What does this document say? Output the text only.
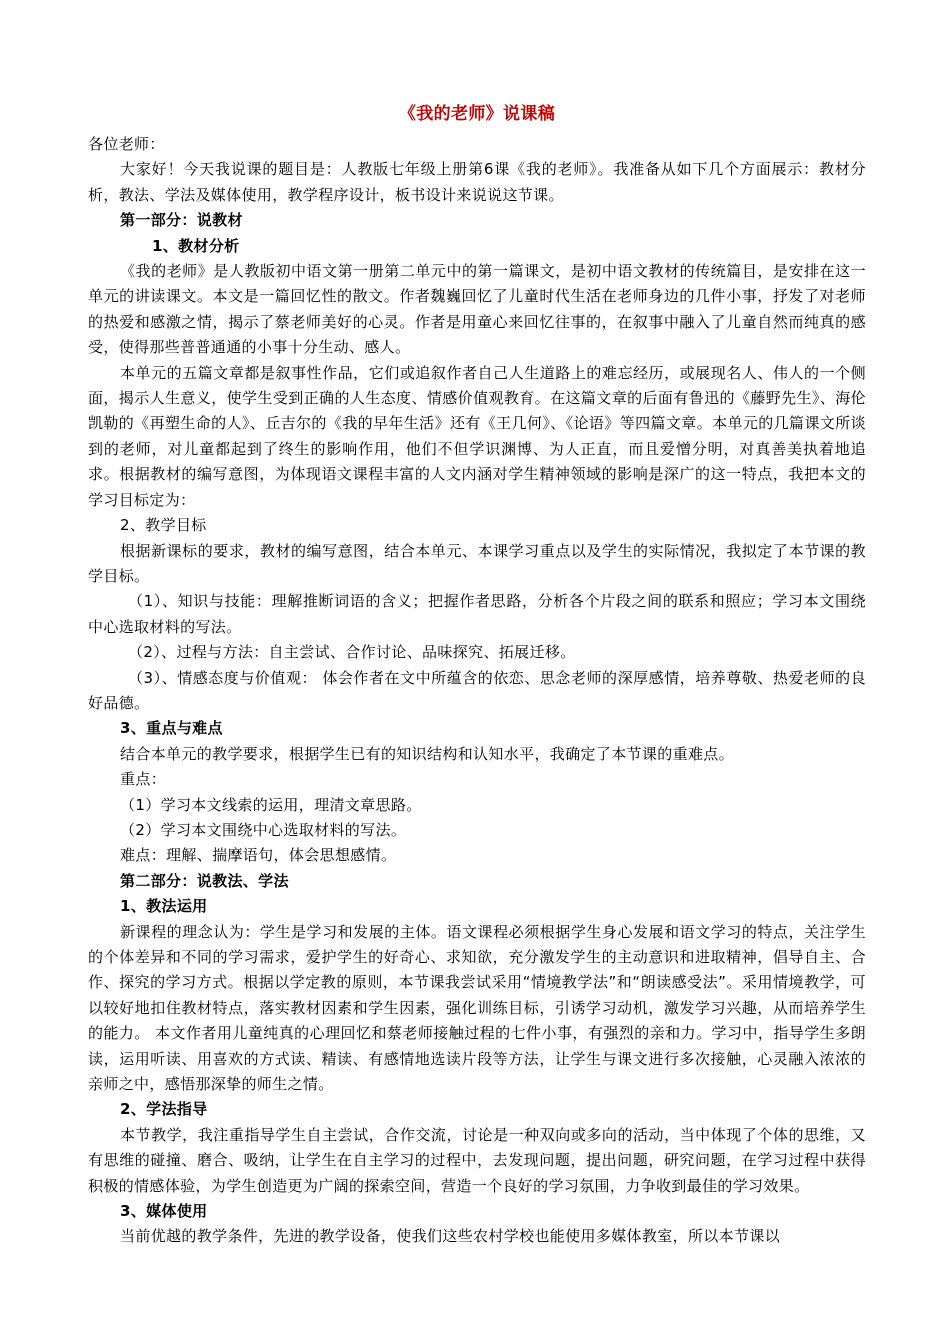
《我的老师》说课稿

各位老师：

大家好！今天我说课的题目是：人教版七年级上册第6课《我的老师》。我准备从如下几个方面展示：教材分析，教法、学法及媒体使用，教学程序设计，板书设计来说说这节课。

第一部分：说教材

1、教材分析

《我的老师》是人教版初中语文第一册第二单元中的第一篇课文，是初中语文教材的传统篇目，是安排在这一单元的讲读课文。本文是一篇回忆性的散文。作者魏巍回忆了儿童时代生活在老师身边的几件小事，抒发了对老师的热爱和感激之情，揭示了蔡老师美好的心灵。作者是用童心来回忆往事的，在叙事中融入了儿童自然而纯真的感受，使得那些普普通通的小事十分生动、感人。

本单元的五篇文章都是叙事性作品，它们或追叙作者自己人生道路上的难忘经历，或展现名人、伟人的一个侧面，揭示人生意义，使学生受到正确的人生态度、情感价值观教育。在这篇文章的后面有鲁迅的《藤野先生》、海伦凯勒的《再塑生命的人》、丘吉尔的《我的早年生活》还有《王几何》、《论语》等四篇文章。本单元的几篇课文所谈到的老师，对儿童都起到了终生的影响作用，他们不但学识渊博、为人正直，而且爱憎分明，对真善美执着地追求。根据教材的编写意图，为体现语文课程丰富的人文内涵对学生精神领域的影响是深广的这一特点，我把本文的学习目标定为：

2、教学目标

根据新课标的要求，教材的编写意图，结合本单元、本课学习重点以及学生的实际情况，我拟定了本节课的教学目标。

（1）、知识与技能：理解推断词语的含义；把握作者思路，分析各个片段之间的联系和照应；学习本文围绕中心选取材料的写法。

（2）、过程与方法：自主尝试、合作讨论、品味探究、拓展迁移。

（3）、情感态度与价值观： 体会作者在文中所蕴含的依恋、思念老师的深厚感情，培养尊敬、热爱老师的良好品德。

3、重点与难点

结合本单元的教学要求，根据学生已有的知识结构和认知水平，我确定了本节课的重难点。

重点：

（1）学习本文线索的运用，理清文章思路。

（2）学习本文围绕中心选取材料的写法。

难点：理解、揣摩语句，体会思想感情。

第二部分：说教法、学法

1、教法运用

新课程的理念认为：学生是学习和发展的主体。语文课程必须根据学生身心发展和语文学习的特点，关注学生的个体差异和不同的学习需求，爱护学生的好奇心、求知欲，充分激发学生的主动意识和进取精神，倡导自主、合作、探究的学习方式。根据以学定教的原则，本节课我尝试采用“情境教学法”和“朗读感受法”。采用情境教学，可以较好地扣住教材特点，落实教材因素和学生因素，强化训练目标，引诱学习动机，激发学习兴趣，从而培养学生的能力。 本文作者用儿童纯真的心理回忆和蔡老师接触过程的七件小事，有强烈的亲和力。学习中，指导学生多朗读，运用听读、用喜欢的方式读、精读、有感情地选读片段等方法，让学生与课文进行多次接触，心灵融入浓浓的亲师之中，感悟那深挚的师生之情。

2、学法指导

本节教学，我注重指导学生自主尝试，合作交流，讨论是一种双向或多向的活动，当中体现了个体的思维，又有思维的碰撞、磨合、吸纳，让学生在自主学习的过程中，去发现问题，提出问题，研究问题，在学习过程中获得积极的情感体验，为学生创造更为广阔的探索空间，营造一个良好的学习氛围，力争收到最佳的学习效果。

3、媒体使用

当前优越的教学条件，先进的教学设备，使我们这些农村学校也能使用多媒体教室，所以本节课以
